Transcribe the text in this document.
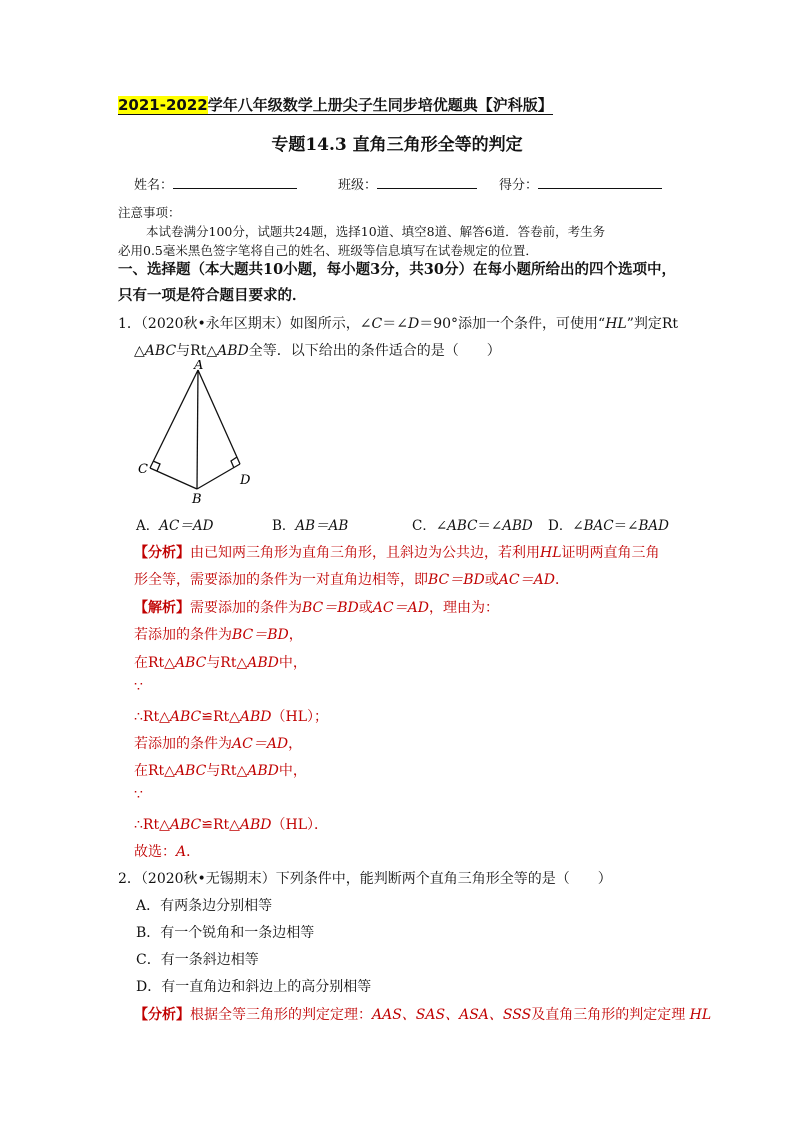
2021-2022学年八年级数学上册尖子生同步培优题典【沪科版】
专题14.3 直角三角形全等的判定
姓名：	班级：	得分：
注意事项：
本试卷满分100分，试题共24题，选择10道、填空8道、解答6道．答卷前，考生务
必用0.5毫米黑色签字笔将自己的姓名、班级等信息填写在试卷规定的位置．
一、选择题（本大题共10小题，每小题3分，共30分）在每小题所给出的四个选项中，
只有一项是符合题目要求的．
1．（2020秋•永年区期末）如图所示，∠C＝∠D＝90°添加一个条件，可使用“HL”判定Rt
△ABC与Rt△ABD全等．以下给出的条件适合的是（　　）
A
C
D
B
A．AC＝AD	B．AB＝AB	C．∠ABC＝∠ABD D．∠BAC＝∠BAD
【分析】由已知两三角形为直角三角形，且斜边为公共边，若利用HL证明两直角三角
形全等，需要添加的条件为一对直角边相等，即BC＝BD或AC＝AD．
【解析】需要添加的条件为BC＝BD或AC＝AD，理由为：
若添加的条件为BC＝BD，
在Rt△ABC与Rt△ABD中，
∵
∴Rt△ABC≌Rt△ABD（HL）；
若添加的条件为AC＝AD，
在Rt△ABC与Rt△ABD中，
∵
∴Rt△ABC≌Rt△ABD（HL）．
故选：A．
2．（2020秋•无锡期末）下列条件中，能判断两个直角三角形全等的是（　　）
A．有两条边分别相等
B．有一个锐角和一条边相等
C．有一条斜边相等
D．有一直角边和斜边上的高分别相等
【分析】根据全等三角形的判定定理：AAS、SAS、ASA、SSS及直角三角形的判定定理 HL
